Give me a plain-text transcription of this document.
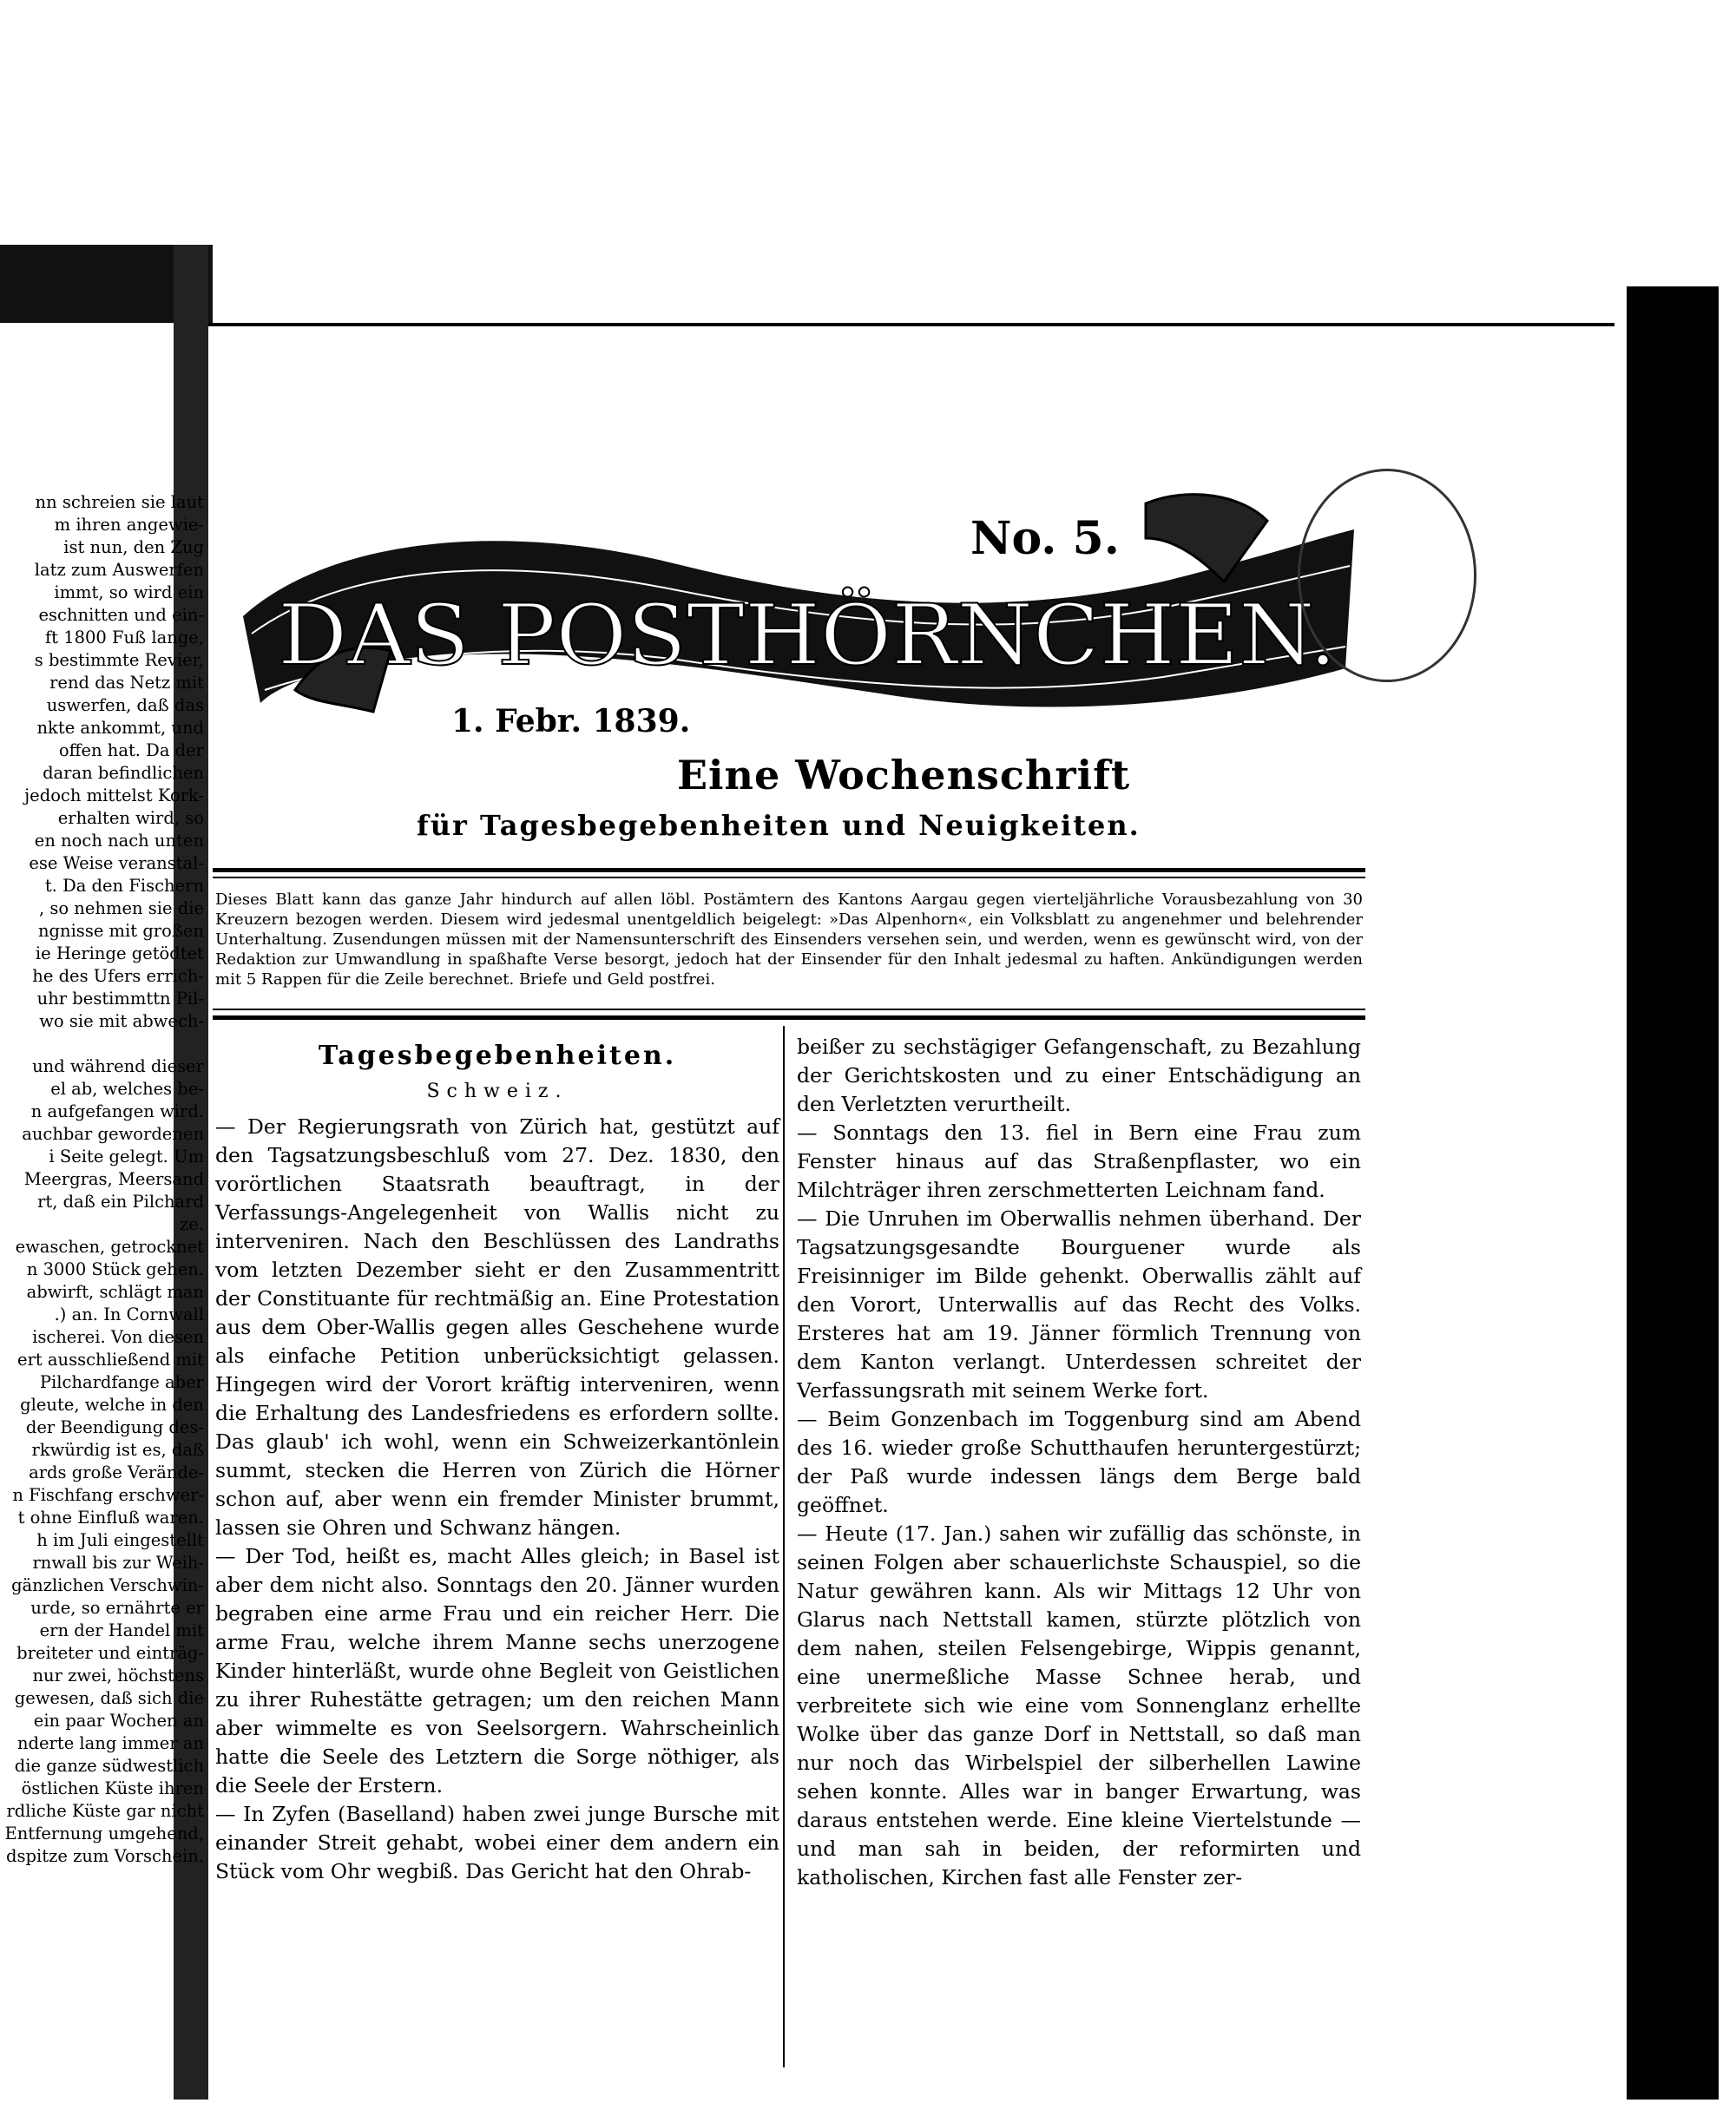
nn schreien sie laut
m ihren angewie-
ist nun, den Zug
latz zum Auswerfen
immt, so wird ein
eschnitten und ein-
ft 1800 Fuß lange,
s bestimmte Revier,
rend das Netz mit
uswerfen, daß das
nkte ankommt, und
offen hat. Da der
daran befindlichen
jedoch mittelst Kork-
erhalten wird, so
en noch nach unten
ese Weise veranstal-
t. Da den Fischern
, so nehmen sie die
ngnisse mit großen
ie Heringe getödtet
he des Ufers errich-
uhr bestimmttn Pil-
wo sie mit abwech-
und während dieser
el ab, welches be-
n aufgefangen wird.
auchbar gewordenen
i Seite gelegt. Um
Meergras, Meersand
rt, daß ein Pilchard
ze.
ewaschen, getrocknet
n 3000 Stück gehen.
abwirft, schlägt man
.) an. In Cornwall
ischerei. Von diesen
ert ausschließend mit
Pilchardfange aber
gleute, welche in den
der Beendigung des-
rkwürdig ist es, daß
ards große Verände-
n Fischfang erschwer-
t ohne Einfluß waren.
h im Juli eingestellt
rnwall bis zur Weih-
gänzlichen Verschwin-
urde, so ernährte er
ern der Handel mit
breiteter und einträg-
nur zwei, höchstens
gewesen, daß sich die
ein paar Wochen an
nderte lang immer an
die ganze südwestlich
östlichen Küste ihren
rdliche Küste gar nicht
Entfernung umgehend,
dspitze zum Vorschein.
DAS POSTHÖRNCHEN.
No. 5.
1. Febr. 1839.
Eine Wochenschrift
für Tagesbegebenheiten und Neuigkeiten.
Dieses Blatt kann das ganze Jahr hindurch auf allen löbl. Postämtern des Kantons Aargau gegen vierteljährliche Vorausbezahlung von 30 Kreuzern bezogen werden. Diesem wird jedesmal unentgeldlich beigelegt: »Das Alpenhorn«, ein Volksblatt zu angenehmer und belehrender Unterhaltung. Zusendungen müssen mit der Namensunterschrift des Einsenders versehen sein, und werden, wenn es gewünscht wird, von der Redaktion zur Umwandlung in spaßhafte Verse besorgt, jedoch hat der Einsender für den Inhalt jedesmal zu haften. Ankündigungen werden mit 5 Rappen für die Zeile berechnet. Briefe und Geld postfrei.
Tagesbegebenheiten.
Schweiz.

— Der Regierungsrath von Zürich hat, gestützt auf den Tagsatzungsbeschluß vom 27. Dez. 1830, den vorörtlichen Staatsrath beauftragt, in der Verfassungs-Angelegenheit von Wallis nicht zu interveniren. Nach den Beschlüssen des Landraths vom letzten Dezember sieht er den Zusammentritt der Constituante für rechtmäßig an. Eine Protestation aus dem Ober-Wallis gegen alles Geschehene wurde als einfache Petition unberücksichtigt gelassen. Hingegen wird der Vorort kräftig interveniren, wenn die Erhaltung des Landesfriedens es erfordern sollte. Das glaub' ich wohl, wenn ein Schweizerkantönlein summt, stecken die Herren von Zürich die Hörner schon auf, aber wenn ein fremder Minister brummt, lassen sie Ohren und Schwanz hängen.

— Der Tod, heißt es, macht Alles gleich; in Basel ist aber dem nicht also. Sonntags den 20. Jänner wurden begraben eine arme Frau und ein reicher Herr. Die arme Frau, welche ihrem Manne sechs unerzogene Kinder hinterläßt, wurde ohne Begleit von Geistlichen zu ihrer Ruhestätte getragen; um den reichen Mann aber wimmelte es von Seelsorgern. Wahrscheinlich hatte die Seele des Letztern die Sorge nöthiger, als die Seele der Erstern.

— In Zyfen (Baselland) haben zwei junge Bursche mit einander Streit gehabt, wobei einer dem andern ein Stück vom Ohr wegbiß. Das Gericht hat den Ohrab-

beißer zu sechstägiger Gefangenschaft, zu Bezahlung der Gerichtskosten und zu einer Entschädigung an den Verletzten verurtheilt.

— Sonntags den 13. fiel in Bern eine Frau zum Fenster hinaus auf das Straßenpflaster, wo ein Milchträger ihren zerschmetterten Leichnam fand.

— Die Unruhen im Oberwallis nehmen überhand. Der Tagsatzungsgesandte Bourguener wurde als Freisinniger im Bilde gehenkt. Oberwallis zählt auf den Vorort, Unterwallis auf das Recht des Volks. Ersteres hat am 19. Jänner förmlich Trennung von dem Kanton verlangt. Unterdessen schreitet der Verfassungsrath mit seinem Werke fort.

— Beim Gonzenbach im Toggenburg sind am Abend des 16. wieder große Schutthaufen heruntergestürzt; der Paß wurde indessen längs dem Berge bald geöffnet.

— Heute (17. Jan.) sahen wir zufällig das schönste, in seinen Folgen aber schauerlichste Schauspiel, so die Natur gewähren kann. Als wir Mittags 12 Uhr von Glarus nach Nettstall kamen, stürzte plötzlich von dem nahen, steilen Felsengebirge, Wippis genannt, eine unermeßliche Masse Schnee herab, und verbreitete sich wie eine vom Sonnenglanz erhellte Wolke über das ganze Dorf in Nettstall, so daß man nur noch das Wirbelspiel der silberhellen Lawine sehen konnte. Alles war in banger Erwartung, was daraus entstehen werde. Eine kleine Viertelstunde — und man sah in beiden, der reformirten und katholischen, Kirchen fast alle Fenster zer-
